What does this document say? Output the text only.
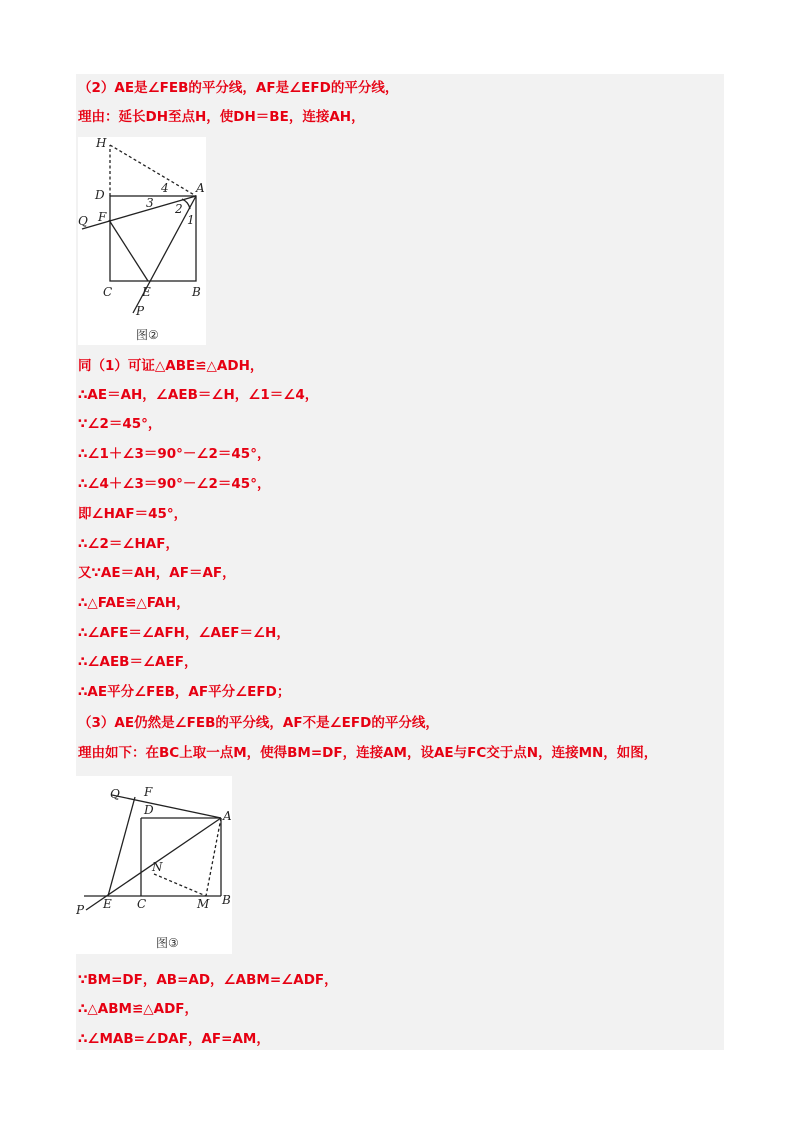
（2）AE是∠FEB的平分线，AF是∠EFD的平分线，
理由：延长DH至点H，使DH＝BE，连接AH，
H
D	A
Q F
C E	B
P
1
2
3
4
图②
同（1）可证△ABE≌△ADH，
∴AE＝AH，∠AEB＝∠H，∠1＝∠4，
∵∠2＝45°，
∴∠1＋∠3＝90°－∠2＝45°，
∴∠4＋∠3＝90°－∠2＝45°，
即∠HAF＝45°，
∴∠2＝∠HAF，
又∵AE＝AH，AF＝AF，
∴△FAE≌△FAH，
∴∠AFE＝∠AFH，∠AEF＝∠H，
∴∠AEB＝∠AEF，
∴AE平分∠FEB，AF平分∠EFD；
（3）AE仍然是∠FEB的平分线，AF不是∠EFD的平分线，
理由如下：在BC上取一点M，使得BM=DF，连接AM，设AE与FC交于点N，连接MN，如图，
Q F
D	A
N
P E C	M B
图③
∵BM=DF，AB=AD，∠ABM=∠ADF，
∴△ABM≌△ADF，
∴∠MAB=∠DAF，AF=AM，
